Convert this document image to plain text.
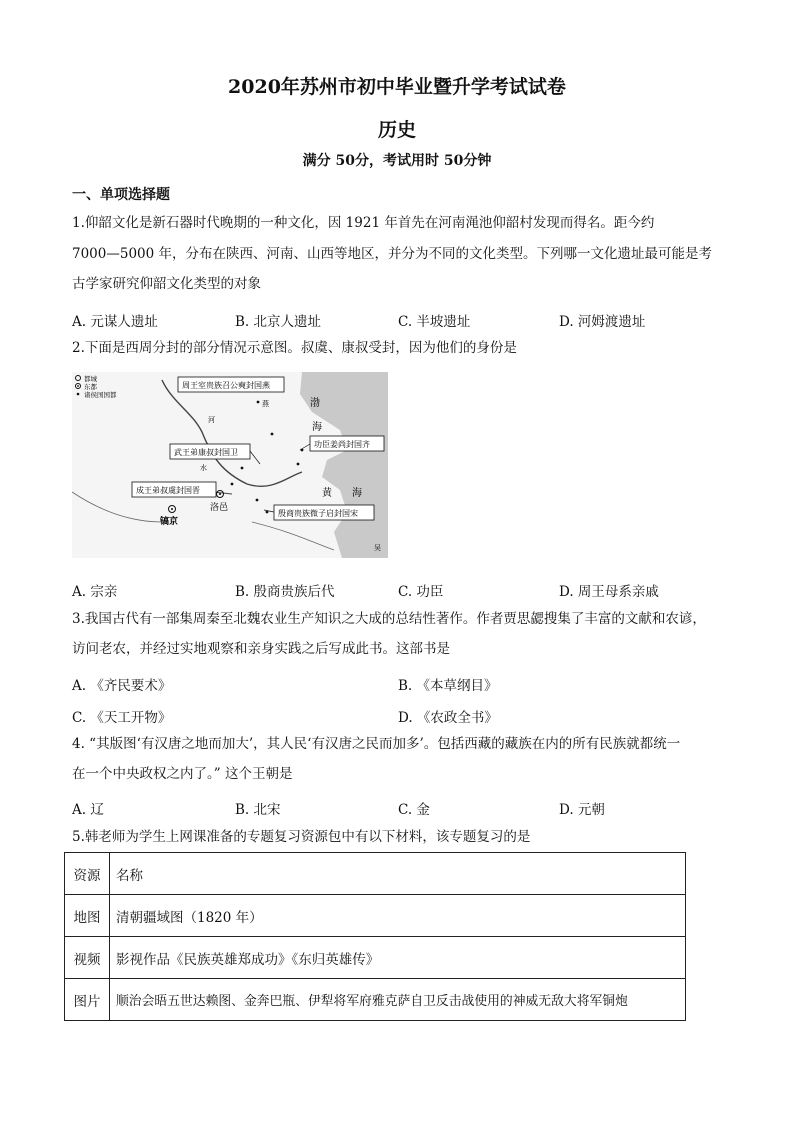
2020年苏州市初中毕业暨升学考试试卷
历史
满分 50分，考试用时 50分钟
一、单项选择题
1.仰韶文化是新石器时代晚期的一种文化，因 1921 年首先在河南渑池仰韶村发现而得名。距今约
7000—5000 年，分布在陕西、河南、山西等地区，并分为不同的文化类型。下列哪一文化遗址最可能是考
古学家研究仰韶文化类型的对象
A. 元谋人遗址	B. 北京人遗址	C. 半坡遗址	D. 河姆渡遗址
2.下面是西周分封的部分情况示意图。叔虞、康叔受封，因为他们的身份是
都城
东都
诸侯国国都
渤
海
黄 海
河
水
吴
燕
镐京
洛邑
周王室贵族召公奭封国燕
功臣姜尚封国齐
武王弟康叔封国卫
成王弟叔虞封国晋
殷商贵族微子启封国宋
A. 宗亲	B. 殷商贵族后代	C. 功臣	D. 周王母系亲戚
3.我国古代有一部集周秦至北魏农业生产知识之大成的总结性著作。作者贾思勰搜集了丰富的文献和农谚，
访问老农，并经过实地观察和亲身实践之后写成此书。这部书是
A. 《齐民要术》	B. 《本草纲目》
C. 《天工开物》	D. 《农政全书》
4. “其版图‘有汉唐之地而加大’，其人民‘有汉唐之民而加多’。包括西藏的藏族在内的所有民族就都统一
在一个中央政权之内了。” 这个王朝是
A. 辽	B. 北宋	C. 金	D. 元朝
5.韩老师为学生上网课准备的专题复习资源包中有以下材料，该专题复习的是
资源	名称
地图	清朝疆域图（1820 年）
视频	影视作品《民族英雄郑成功》《东归英雄传》
图片	顺治会晤五世达赖图、金奔巴瓶、伊犁将军府雅克萨自卫反击战使用的神威无敌大将军铜炮
